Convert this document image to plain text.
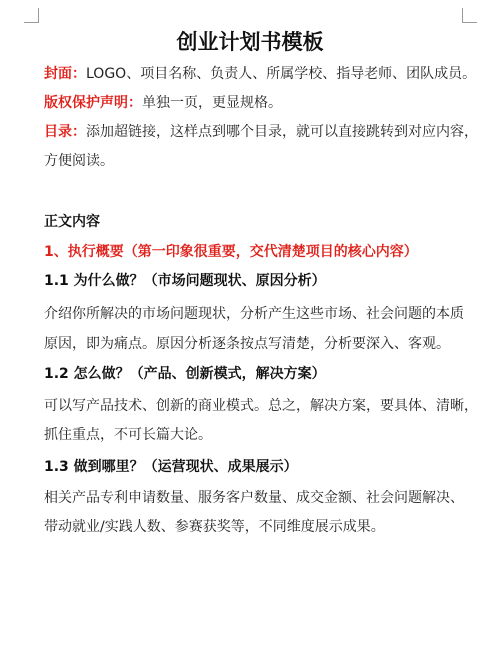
创业计划书模板
封面：LOGO、项目名称、负责人、所属学校、指导老师、团队成员。
版权保护声明：单独一页，更显规格。
目录：添加超链接，这样点到哪个目录，就可以直接跳转到对应内容，
方便阅读。
正文内容
1、执行概要（第一印象很重要，交代清楚项目的核心内容）
1.1 为什么做？（市场问题现状、原因分析）
介绍你所解决的市场问题现状，分析产生这些市场、社会问题的本质
原因，即为痛点。原因分析逐条按点写清楚，分析要深入、客观。
1.2 怎么做？（产品、创新模式，解决方案）
可以写产品技术、创新的商业模式。总之，解决方案，要具体、清晰，
抓住重点，不可长篇大论。
1.3 做到哪里？（运营现状、成果展示）
相关产品专利申请数量、服务客户数量、成交金额、社会问题解决、
带动就业/实践人数、参赛获奖等，不同维度展示成果。
